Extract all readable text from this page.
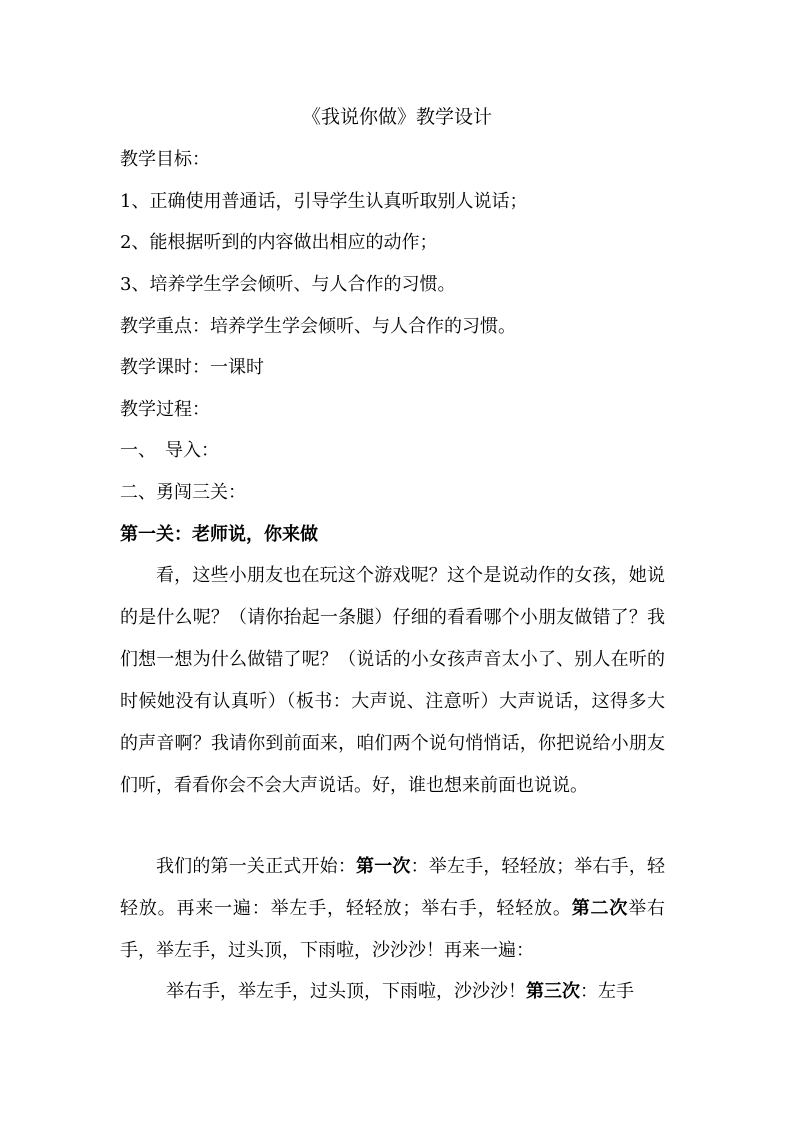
《我说你做》教学设计
教学目标：
1、正确使用普通话，引导学生认真听取别人说话；
2、能根据听到的内容做出相应的动作；
3、培养学生学会倾听、与人合作的习惯。
教学重点：培养学生学会倾听、与人合作的习惯。
教学课时：一课时
教学过程：
一、　导入：
二、勇闯三关：
第一关：老师说，你来做
看，这些小朋友也在玩这个游戏呢？这个是说动作的女孩，她说的是什么呢？（请你抬起一条腿）仔细的看看哪个小朋友做错了？我们想一想为什么做错了呢？（说话的小女孩声音太小了、别人在听的时候她没有认真听）（板书：大声说、注意听）大声说话，这得多大的声音啊？我请你到前面来，咱们两个说句悄悄话，你把说给小朋友们听，看看你会不会大声说话。好，谁也想来前面也说说。
我们的第一关正式开始：第一次：举左手，轻轻放；举右手，轻轻放。再来一遍：举左手，轻轻放；举右手，轻轻放。第二次举右手，举左手，过头顶，下雨啦，沙沙沙！再来一遍：
举右手，举左手，过头顶，下雨啦，沙沙沙！第三次：左手
